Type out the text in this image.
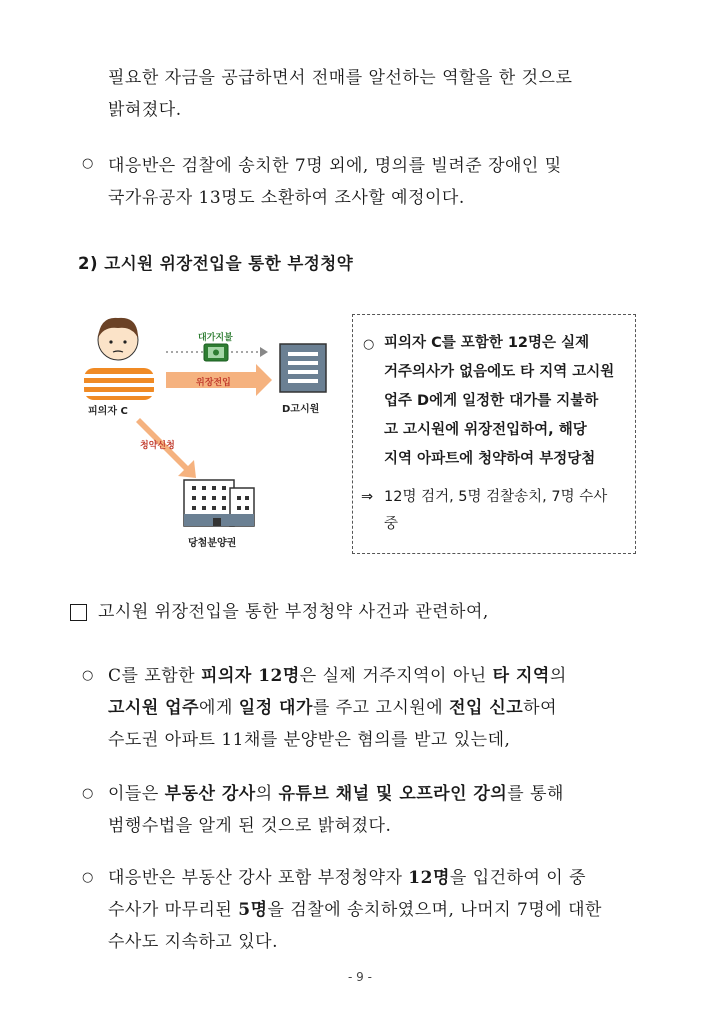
필요한 자금을 공급하면서 전매를 알선하는 역할을 한 것으로
밝혀졌다.
○ 대응반은 검찰에 송치한 7명 외에, 명의를 빌려준 장애인 및
국가유공자 13명도 소환하여 조사할 예정이다.
2) 고시원 위장전입을 통한 부정청약
피의자 C
대가지불
위장전입
D고시원
청약신청
당첨분양권
○ 피의자 C를 포함한 12명은 실제
거주의사가 없음에도 타 지역 고시원
업주 D에게 일정한 대가를 지불하
고 고시원에 위장전입하여, 해당
지역 아파트에 청약하여 부정당첨
⇒ 12명 검거, 5명 검찰송치, 7명 수사
중
고시원 위장전입을 통한 부정청약 사건과 관련하여,
○ C를 포함한 피의자 12명은 실제 거주지역이 아닌 타 지역의
고시원 업주에게 일정 대가를 주고 고시원에 전입 신고하여
수도권 아파트 11채를 분양받은 혐의를 받고 있는데,
○ 이들은 부동산 강사의 유튜브 채널 및 오프라인 강의를 통해
범행수법을 알게 된 것으로 밝혀졌다.
○ 대응반은 부동산 강사 포함 부정청약자 12명을 입건하여 이 중
수사가 마무리된 5명을 검찰에 송치하였으며, 나머지 7명에 대한
수사도 지속하고 있다.
- 9 -
